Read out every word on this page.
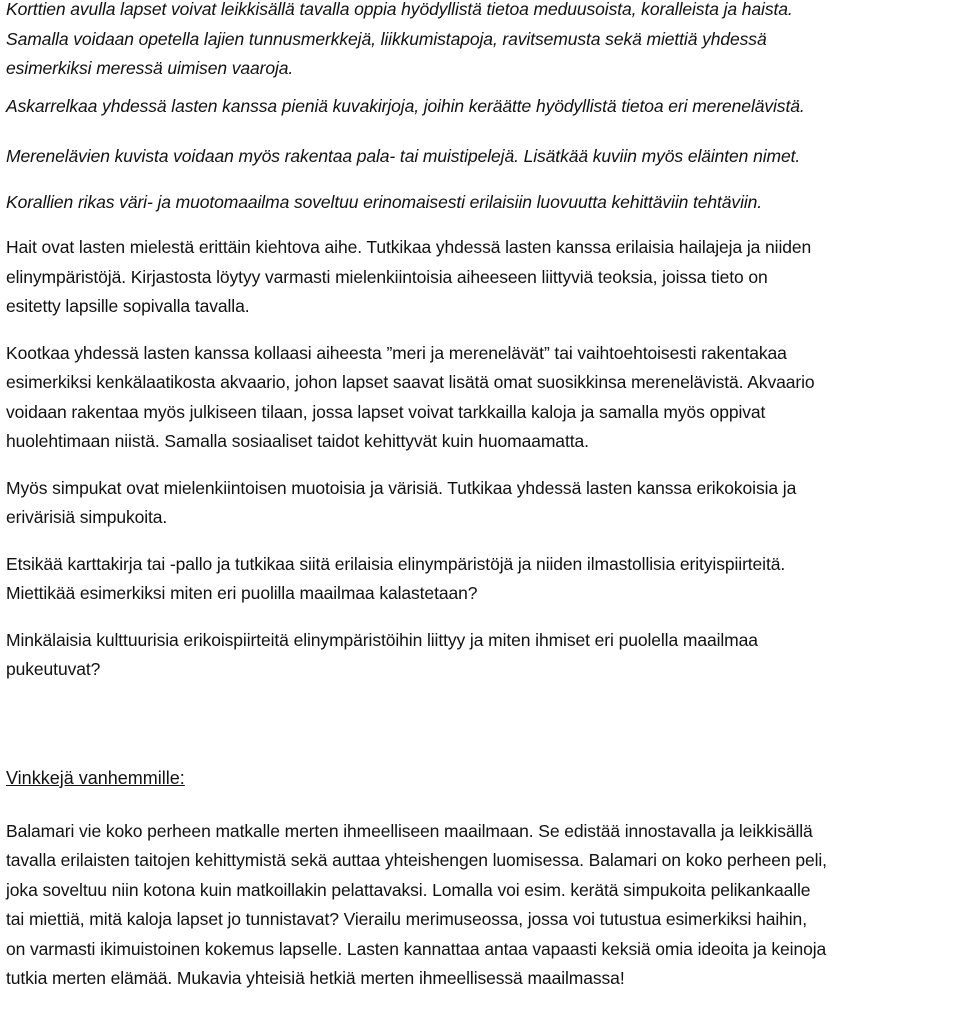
Korttien avulla lapset voivat leikkisällä tavalla oppia hyödyllistä tietoa meduusoista, koralleista ja haista.
Samalla voidaan opetella lajien tunnusmerkkejä, liikkumistapoja, ravitsemusta sekä miettiä yhdessä
esimerkiksi meressä uimisen vaaroja.
Askarrelkaa yhdessä lasten kanssa pieniä kuvakirjoja, joihin keräätte hyödyllistä tietoa eri merenelävistä.
Merenelävien kuvista voidaan myös rakentaa pala- tai muistipelejä. Lisätkää kuviin myös eläinten nimet.
Korallien rikas väri- ja muotomaailma soveltuu erinomaisesti erilaisiin luovuutta kehittäviin tehtäviin.
Hait ovat lasten mielestä erittäin kiehtova aihe. Tutkikaa yhdessä lasten kanssa erilaisia hailajeja ja niiden
elinympäristöjä. Kirjastosta löytyy varmasti mielenkiintoisia aiheeseen liittyviä teoksia, joissa tieto on
esitetty lapsille sopivalla tavalla.
Kootkaa yhdessä lasten kanssa kollaasi aiheesta ”meri ja merenelävät” tai vaihtoehtoisesti rakentakaa
esimerkiksi kenkälaatikosta akvaario, johon lapset saavat lisätä omat suosikkinsa merenelävistä. Akvaario
voidaan rakentaa myös julkiseen tilaan, jossa lapset voivat tarkkailla kaloja ja samalla myös oppivat
huolehtimaan niistä. Samalla sosiaaliset taidot kehittyvät kuin huomaamatta.
Myös simpukat ovat mielenkiintoisen muotoisia ja värisiä. Tutkikaa yhdessä lasten kanssa erikokoisia ja
erivärisiä simpukoita.
Etsikää karttakirja tai -pallo ja tutkikaa siitä erilaisia elinympäristöjä ja niiden ilmastollisia erityispiirteitä.
Miettikää esimerkiksi miten eri puolilla maailmaa kalastetaan?
Minkälaisia kulttuurisia erikoispiirteitä elinympäristöihin liittyy ja miten ihmiset eri puolella maailmaa
pukeutuvat?
Vinkkejä vanhemmille:
Balamari vie koko perheen matkalle merten ihmeelliseen maailmaan. Se edistää innostavalla ja leikkisällä
tavalla erilaisten taitojen kehittymistä sekä auttaa yhteishengen luomisessa. Balamari on koko perheen peli,
joka soveltuu niin kotona kuin matkoillakin pelattavaksi. Lomalla voi esim. kerätä simpukoita pelikankaalle
tai miettiä, mitä kaloja lapset jo tunnistavat? Vierailu merimuseossa, jossa voi tutustua esimerkiksi haihin,
on varmasti ikimuistoinen kokemus lapselle. Lasten kannattaa antaa vapaasti keksiä omia ideoita ja keinoja
tutkia merten elämää. Mukavia yhteisiä hetkiä merten ihmeellisessä maailmassa!
